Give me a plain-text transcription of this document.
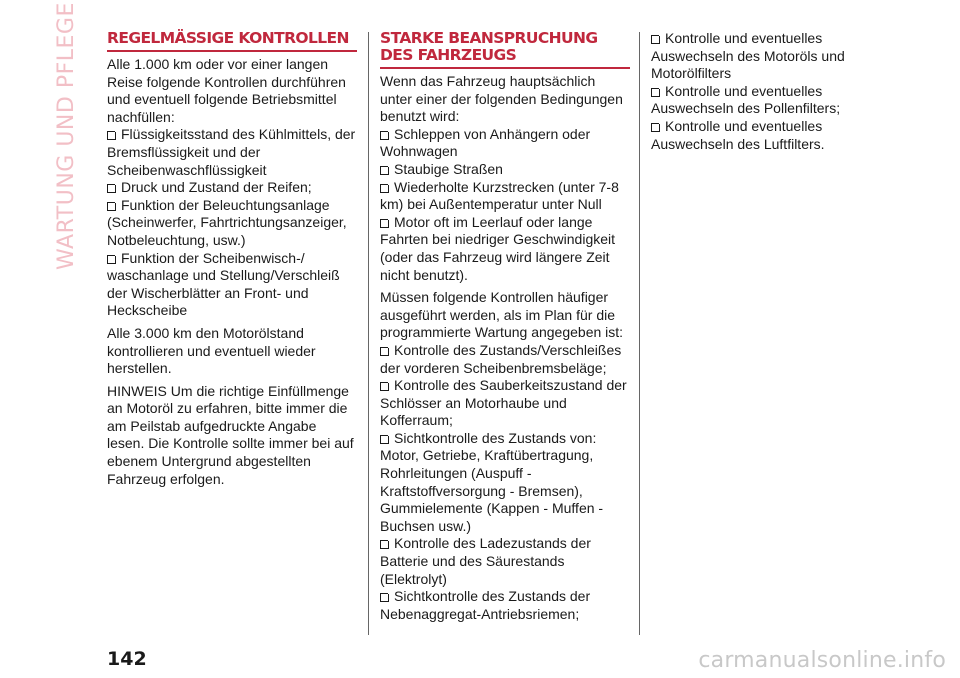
WARTUNG UND PFLEGE REGELMÄSSIGE KONTROLLEN

Alle 1.000 km oder vor einer langen Reise folgende Kontrollen durchführen und eventuell folgende Betriebsmittel nachfüllen:

Flüssigkeitsstand des Kühlmittels, der Bremsflüssigkeit und der Scheibenwaschflüssigkeit
Druck und Zustand der Reifen;
Funktion der Beleuchtungsanlage (Scheinwerfer, Fahrtrichtungsanzeiger, Notbeleuchtung, usw.)
Funktion der Scheibenwisch-/ waschanlage und Stellung/Verschleiß der Wischerblätter an Front- und Heckscheibe

Alle 3.000 km den Motorölstand kontrollieren und eventuell wieder herstellen.

HINWEIS Um die richtige Einfüllmenge an Motoröl zu erfahren, bitte immer die am Peilstab aufgedruckte Angabe lesen. Die Kontrolle sollte immer bei auf ebenem Untergrund abgestellten Fahrzeug erfolgen.

STARKE BEANSPRUCHUNG DES FAHRZEUGS

Wenn das Fahrzeug hauptsächlich unter einer der folgenden Bedingungen benutzt wird:

Schleppen von Anhängern oder Wohnwagen
Staubige Straßen
Wiederholte Kurzstrecken (unter 7-8 km) bei Außentemperatur unter Null
Motor oft im Leerlauf oder lange Fahrten bei niedriger Geschwindigkeit (oder das Fahrzeug wird längere Zeit nicht benutzt).

Müssen folgende Kontrollen häufiger ausgeführt werden, als im Plan für die programmierte Wartung angegeben ist:

Kontrolle des Zustands/Verschleißes der vorderen Scheibenbremsbeläge;
Kontrolle des Sauberkeitszustand der Schlösser an Motorhaube und Kofferraum;
Sichtkontrolle des Zustands von: Motor, Getriebe, Kraftübertragung, Rohrleitungen (Auspuff - Kraftstoffversorgung - Bremsen), Gummielemente (Kappen - Muffen - Buchsen usw.)
Kontrolle des Ladezustands der Batterie und des Säurestands (Elektrolyt)
Sichtkontrolle des Zustands der Nebenaggregat-Antriebsriemen;
Kontrolle und eventuelles Auswechseln des Motoröls und Motorölfilters
Kontrolle und eventuelles Auswechseln des Pollenfilters;
Kontrolle und eventuelles Auswechseln des Luftfilters.
142	carmanualsonline.info
